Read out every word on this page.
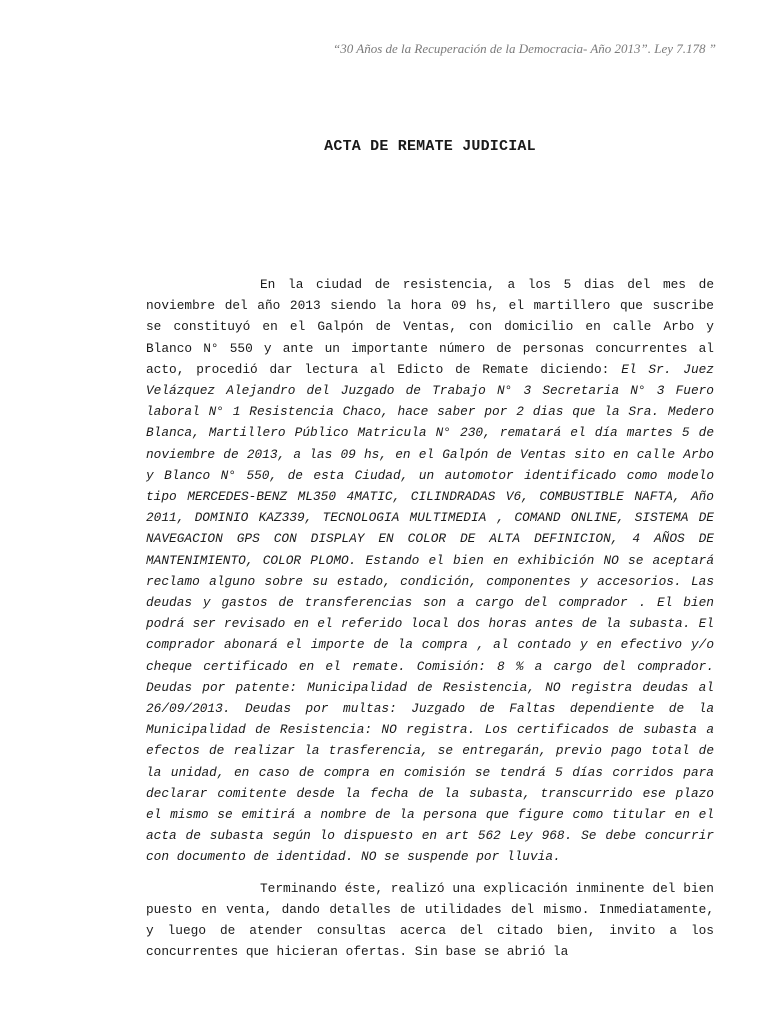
“30 Años de la Recuperación de la Democracia- Año 2013”. Ley 7.178 ”
ACTA DE REMATE JUDICIAL

En la ciudad de resistencia, a los 5 dias del mes de noviembre del año 2013 siendo la hora 09 hs, el martillero que suscribe se constituyó en el Galpón de Ventas, con domicilio en calle Arbo y Blanco N° 550 y ante un importante número de personas concurrentes al acto, procedió dar lectura al Edicto de Remate diciendo: El Sr. Juez Velázquez Alejandro del Juzgado de Trabajo N° 3 Secretaria N° 3 Fuero laboral N° 1 Resistencia Chaco, hace saber por 2 dias que la Sra. Medero Blanca, Martillero Público Matricula N° 230, rematará el día martes 5 de noviembre de 2013, a las 09 hs, en el Galpón de Ventas sito en calle Arbo y Blanco N° 550, de esta Ciudad, un automotor identificado como modelo tipo MERCEDES-BENZ ML350 4MATIC, CILINDRADAS V6, COMBUSTIBLE NAFTA, Año 2011, DOMINIO KAZ339, TECNOLOGIA MULTIMEDIA , COMAND ONLINE, SISTEMA DE NAVEGACION GPS CON DISPLAY EN COLOR DE ALTA DEFINICION, 4 AÑOS DE MANTENIMIENTO, COLOR PLOMO. Estando el bien en exhibición NO se aceptará reclamo alguno sobre su estado, condición, componentes y accesorios. Las deudas y gastos de transferencias son a cargo del comprador . El bien podrá ser revisado en el referido local dos horas antes de la subasta. El comprador abonará el importe de la compra , al contado y en efectivo y/o cheque certificado en el remate. Comisión: 8 % a cargo del comprador. Deudas por patente: Municipalidad de Resistencia, NO registra deudas al 26/09/2013. Deudas por multas: Juzgado de Faltas dependiente de la Municipalidad de Resistencia: NO registra. Los certificados de subasta a efectos de realizar la trasferencia, se entregarán, previo pago total de la unidad, en caso de compra en comisión se tendrá 5 días corridos para declarar comitente desde la fecha de la subasta, transcurrido ese plazo el mismo se emitirá a nombre de la persona que figure como titular en el acta de subasta según lo dispuesto en art 562 Ley 968. Se debe concurrir con documento de identidad. NO se suspende por lluvia.

Terminando éste, realizó una explicación inminente del bien puesto en venta, dando detalles de utilidades del mismo. Inmediatamente, y luego de atender consultas acerca del citado bien, invito a los concurrentes que hicieran ofertas. Sin base se abrió la
